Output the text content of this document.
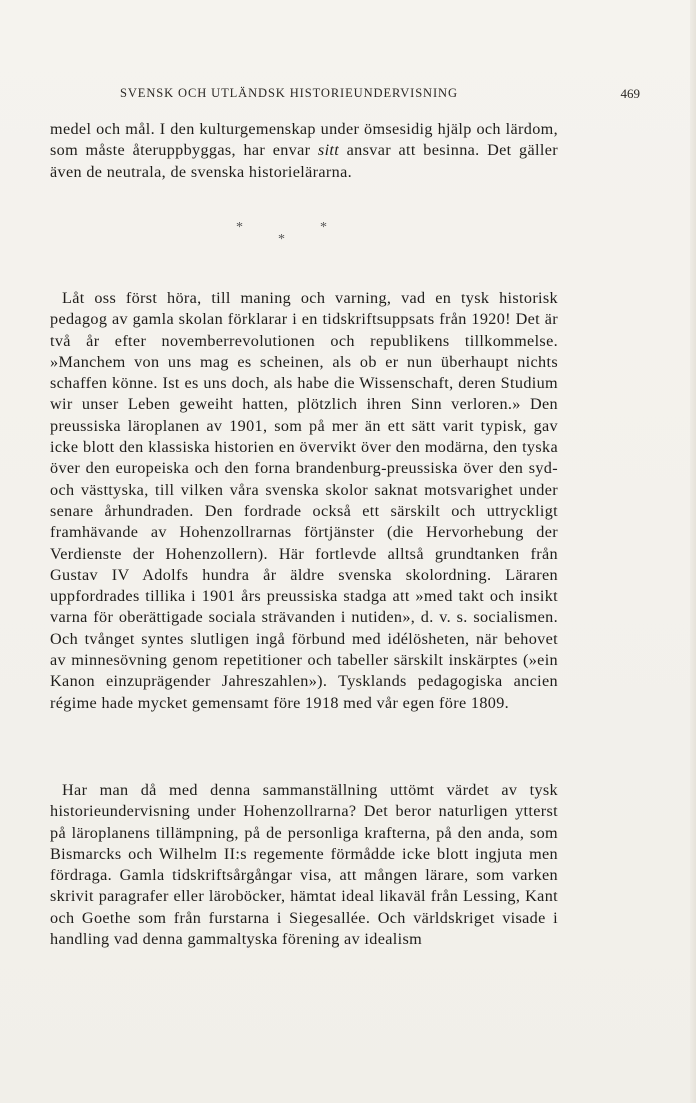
SVENSK OCH UTLÄNDSK HISTORIEUNDERVISNING	469

medel och mål. I den kulturgemenskap under ömsesidig hjälp och lärdom, som måste återuppbyggas, har envar sitt ansvar att besinna. Det gäller även de neutrala, de svenska historielärarna.

*	*
*

Låt oss först höra, till maning och varning, vad en tysk historisk pedagog av gamla skolan förklarar i en tidskriftsuppsats från 1920! Det är två år efter novemberrevolutionen och republikens tillkommelse. »Manchem von uns mag es scheinen, als ob er nun überhaupt nichts schaffen könne. Ist es uns doch, als habe die Wissenschaft, deren Studium wir unser Leben geweiht hatten, plötzlich ihren Sinn verloren.» Den preussiska läroplanen av 1901, som på mer än ett sätt varit typisk, gav icke blott den klassiska historien en övervikt över den modärna, den tyska över den europeiska och den forna brandenburg-preussiska över den syd- och västtyska, till vilken våra svenska skolor saknat motsvarighet under senare århundraden. Den fordrade också ett särskilt och uttryckligt framhävande av Hohenzollrarnas förtjänster (die Hervorhebung der Verdienste der Hohenzollern). Här fortlevde alltså grundtanken från Gustav IV Adolfs hundra år äldre svenska skolordning. Läraren uppfordrades tillika i 1901 års preussiska stadga att »med takt och insikt varna för oberättigade sociala strävanden i nutiden», d. v. s. socialismen. Och tvånget syntes slutligen ingå förbund med idélösheten, när behovet av minnesövning genom repetitioner och tabeller särskilt inskärptes (»ein Kanon einzuprägender Jahreszahlen»). Tysklands pedagogiska ancien régime hade mycket gemensamt före 1918 med vår egen före 1809.

Har man då med denna sammanställning uttömt värdet av tysk historieundervisning under Hohenzollrarna? Det beror naturligen ytterst på läroplanens tillämpning, på de personliga krafterna, på den anda, som Bismarcks och Wilhelm II:s regemente förmådde icke blott ingjuta men fördraga. Gamla tidskriftsårgångar visa, att mången lärare, som varken skrivit paragrafer eller läroböcker, hämtat ideal likaväl från Lessing, Kant och Goethe som från furstarna i Siegesallée. Och världskriget visade i handling vad denna gammaltyska förening av idealism
